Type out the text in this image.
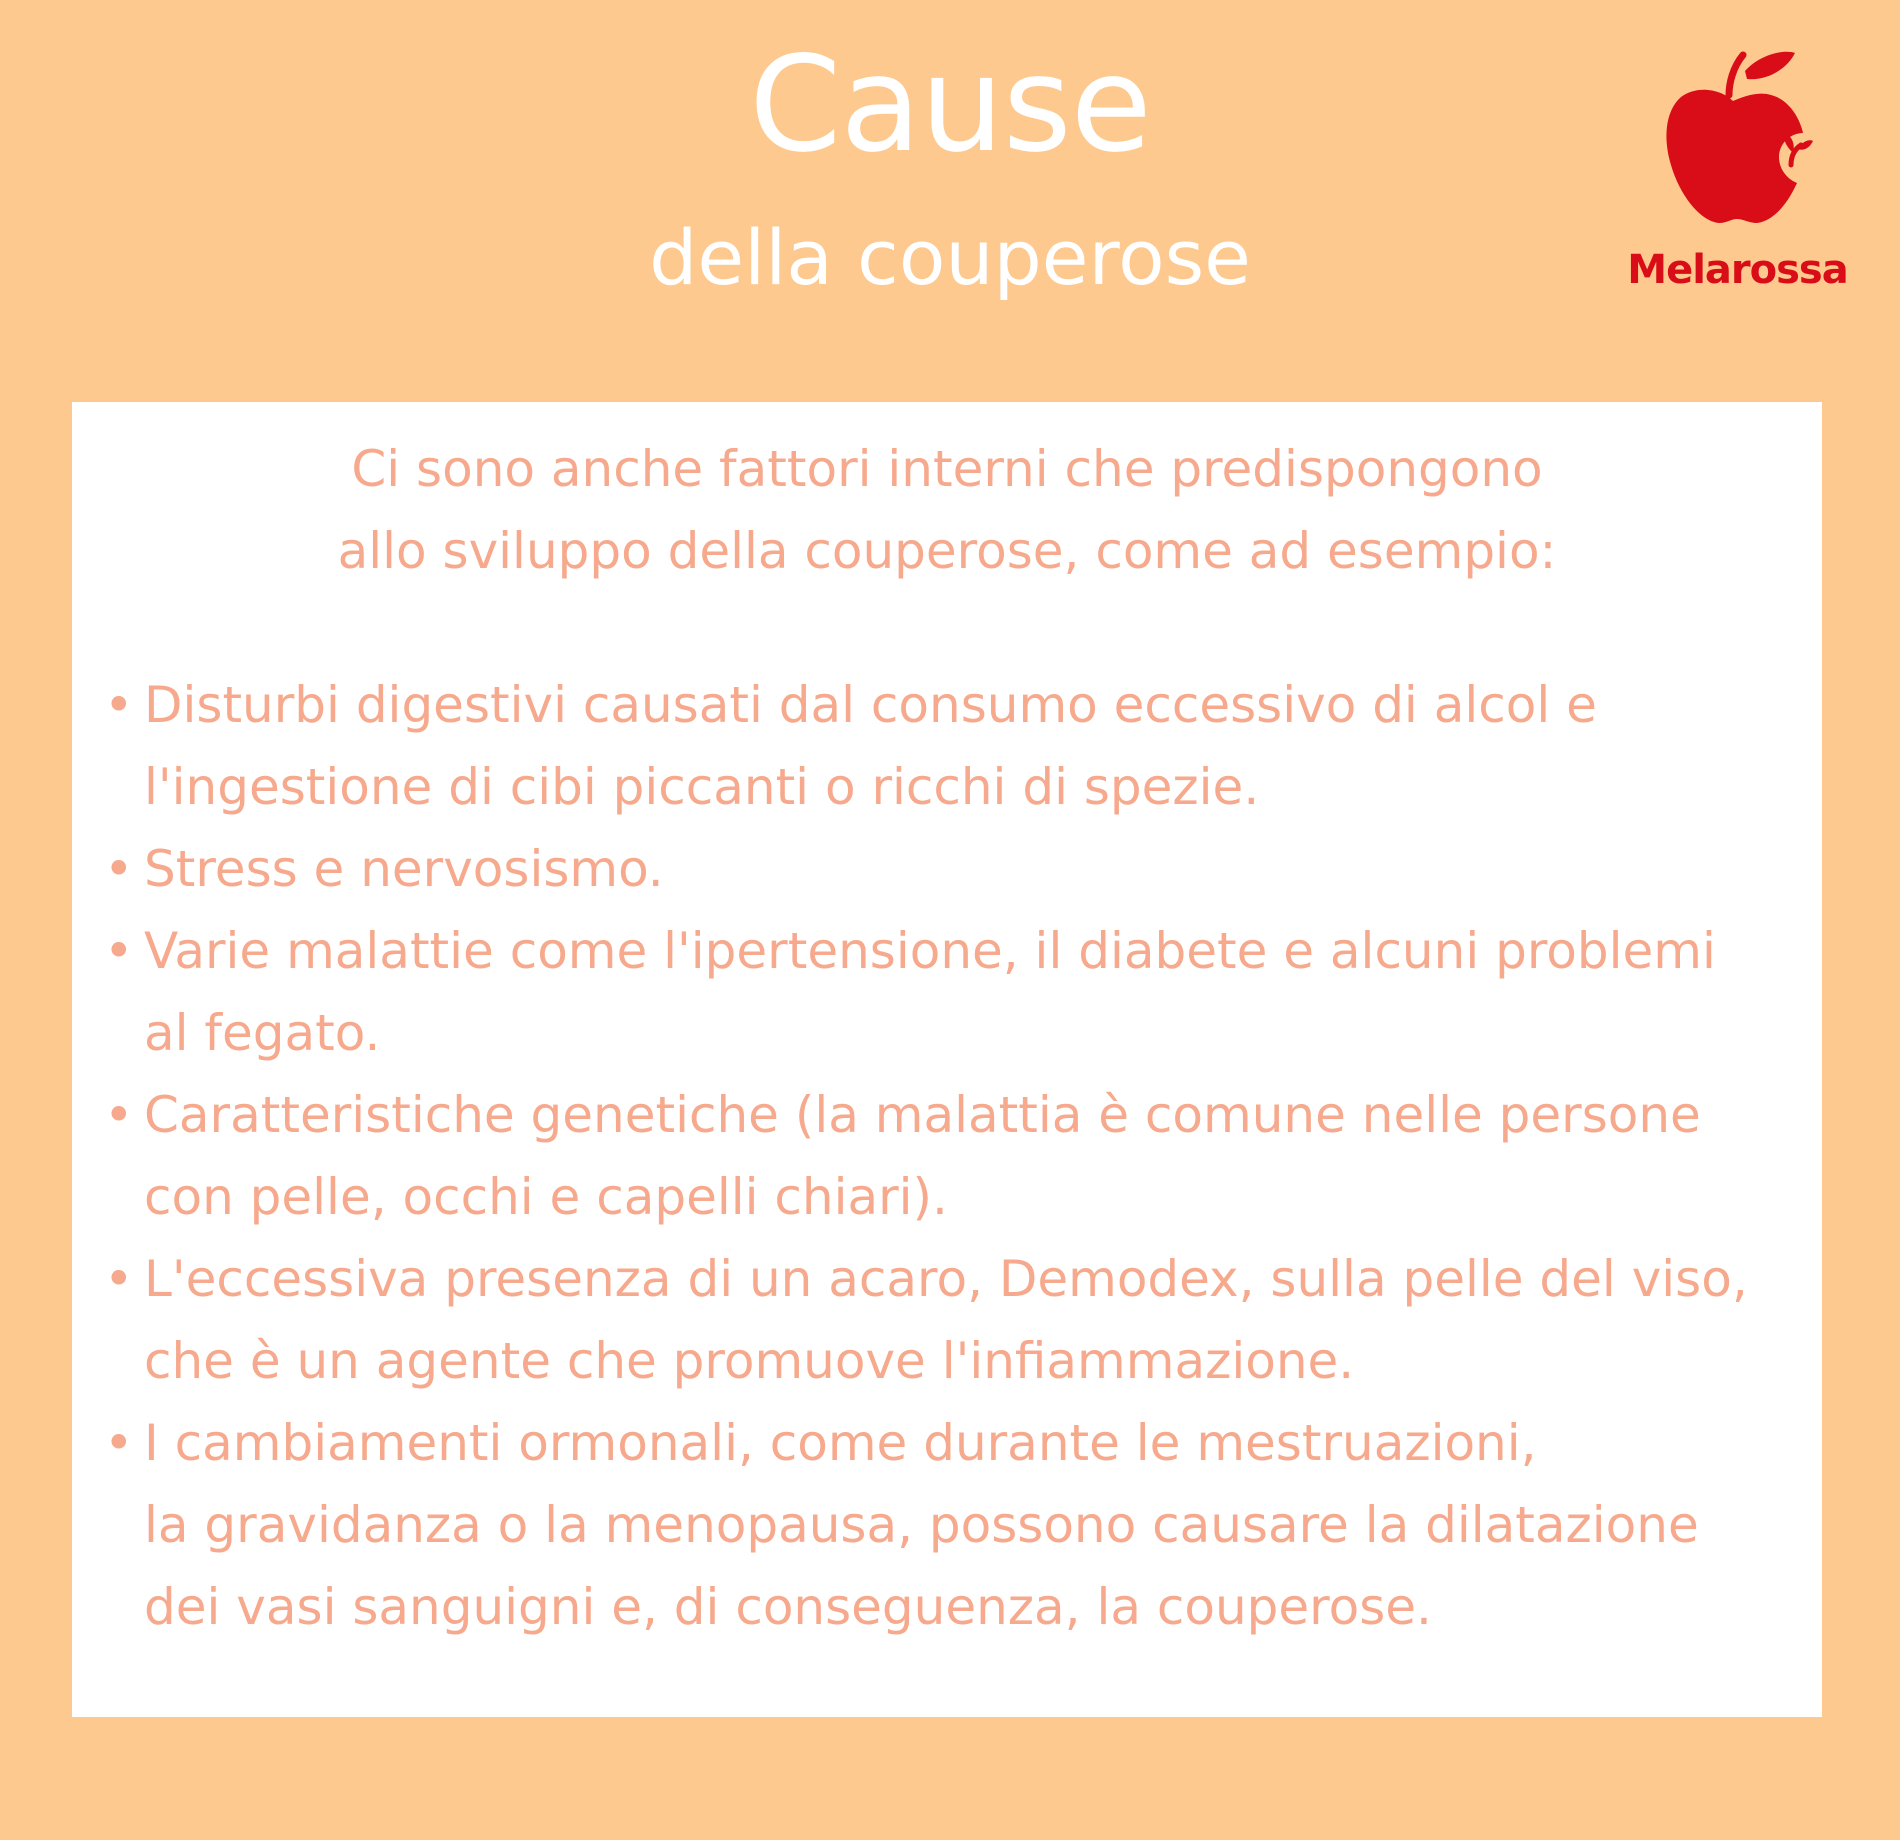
Cause
della couperose	Melarossa

Ci sono anche fattori interni che predispongono

allo sviluppo della couperose, come ad esempio:

• Disturbi digestivi causati dal consumo eccessivo di alcol e
l'ingestione di cibi piccanti o ricchi di spezie.
• Stress e nervosismo.
• Varie malattie come l'ipertensione, il diabete e alcuni problemi
al fegato.
• Caratteristiche genetiche (la malattia è comune nelle persone
con pelle, occhi e capelli chiari).
• L'eccessiva presenza di un acaro, Demodex, sulla pelle del viso,
che è un agente che promuove l'infiammazione.
• I cambiamenti ormonali, come durante le mestruazioni,
la gravidanza o la menopausa, possono causare la dilatazione
dei vasi sanguigni e, di conseguenza, la couperose.
